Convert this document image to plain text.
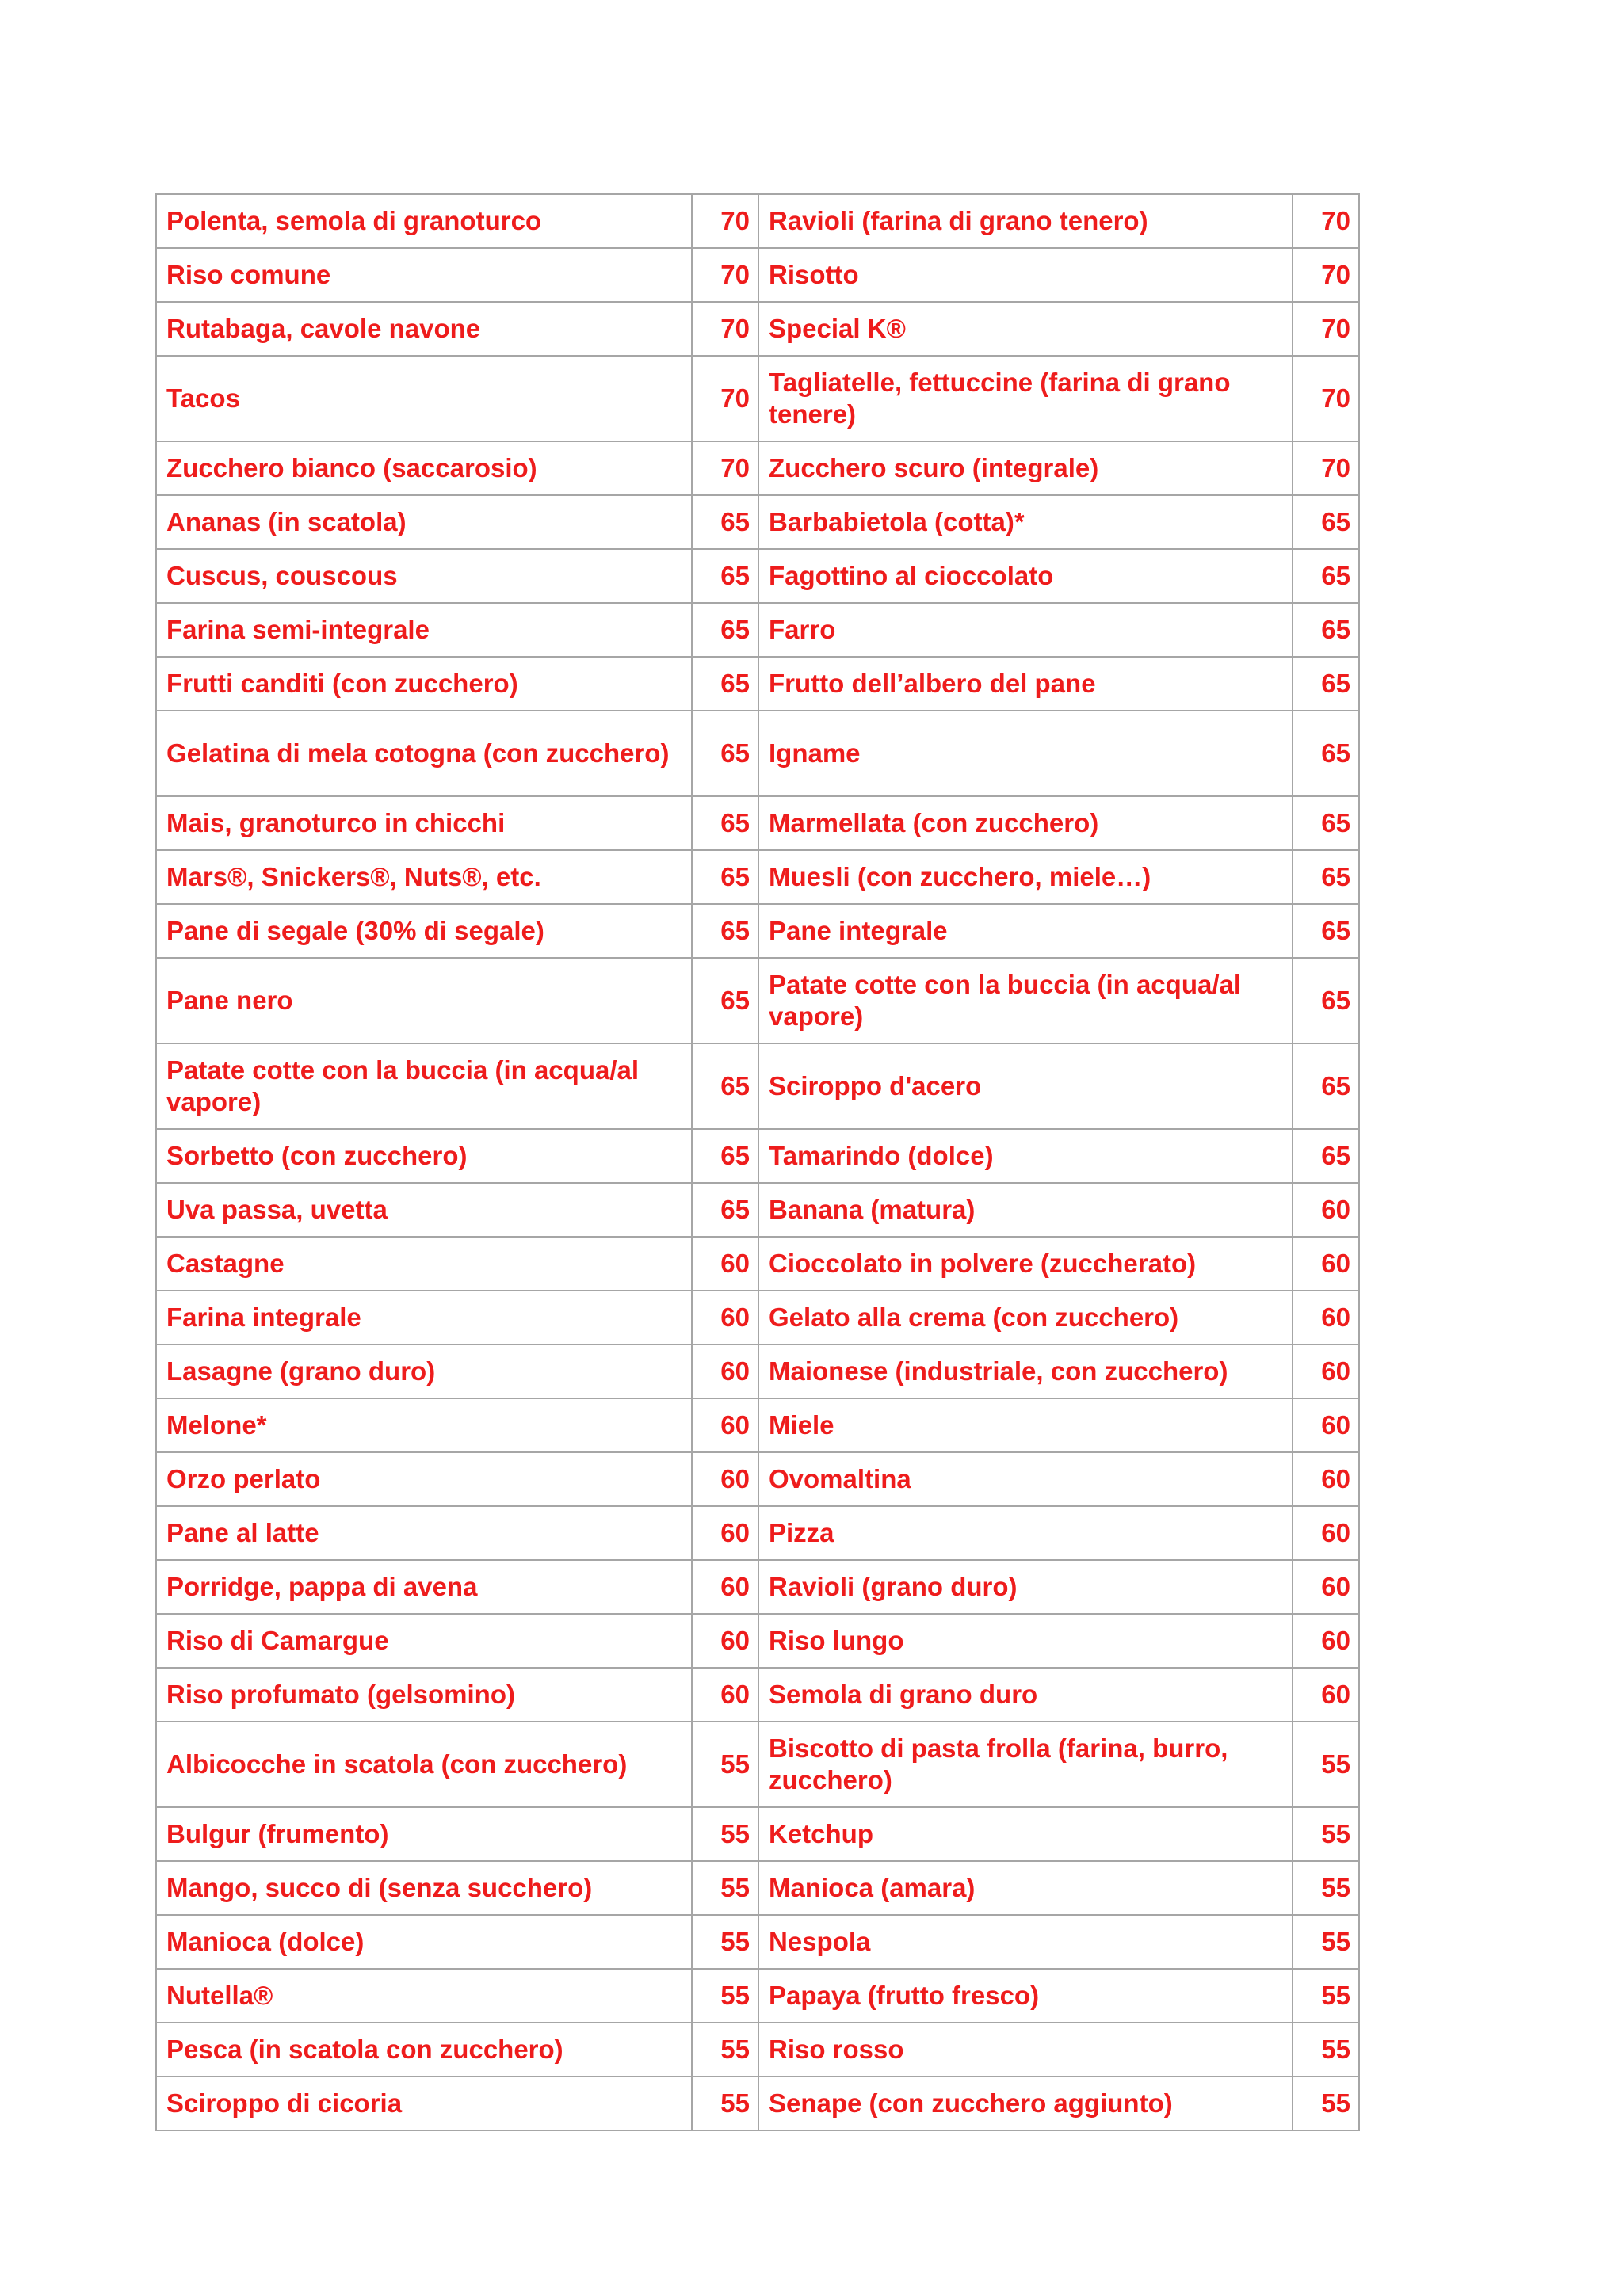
Polenta, semola di granoturco	70	Ravioli (farina di grano tenero)	70
Riso comune	70	Risotto	70
Rutabaga, cavole navone	70	Special K®	70
Tacos	70	Tagliatelle, fettuccine (farina di grano tenere)	70
Zucchero bianco (saccarosio)	70	Zucchero scuro (integrale)	70
Ananas (in scatola)	65	Barbabietola (cotta)*	65
Cuscus, couscous	65	Fagottino al cioccolato	65
Farina semi-integrale	65	Farro	65
Frutti canditi (con zucchero)	65	Frutto dell’albero del pane	65
Gelatina di mela cotogna (con zucchero)	65	Igname	65
Mais, granoturco in chicchi	65	Marmellata (con zucchero)	65
Mars®, Snickers®, Nuts®, etc.	65	Muesli (con zucchero, miele…)	65
Pane di segale (30% di segale)	65	Pane integrale	65
Pane nero	65	Patate cotte con la buccia (in acqua/al vapore)	65
Patate cotte con la buccia (in acqua/al vapore)	65	Sciroppo d'acero	65
Sorbetto (con zucchero)	65	Tamarindo (dolce)	65
Uva passa, uvetta	65	Banana (matura)	60
Castagne	60	Cioccolato in polvere (zuccherato)	60
Farina integrale	60	Gelato alla crema (con zucchero)	60
Lasagne (grano duro)	60	Maionese (industriale, con zucchero)	60
Melone*	60	Miele	60
Orzo perlato	60	Ovomaltina	60
Pane al latte	60	Pizza	60
Porridge, pappa di avena	60	Ravioli (grano duro)	60
Riso di Camargue	60	Riso lungo	60
Riso profumato (gelsomino)	60	Semola di grano duro	60
Albicocche in scatola (con zucchero)	55	Biscotto di pasta frolla (farina, burro, zucchero)	55
Bulgur (frumento)	55	Ketchup	55
Mango, succo di (senza succhero)	55	Manioca (amara)	55
Manioca (dolce)	55	Nespola	55
Nutella®	55	Papaya (frutto fresco)	55
Pesca (in scatola con zucchero)	55	Riso rosso	55
Sciroppo di cicoria	55	Senape (con zucchero aggiunto)	55
